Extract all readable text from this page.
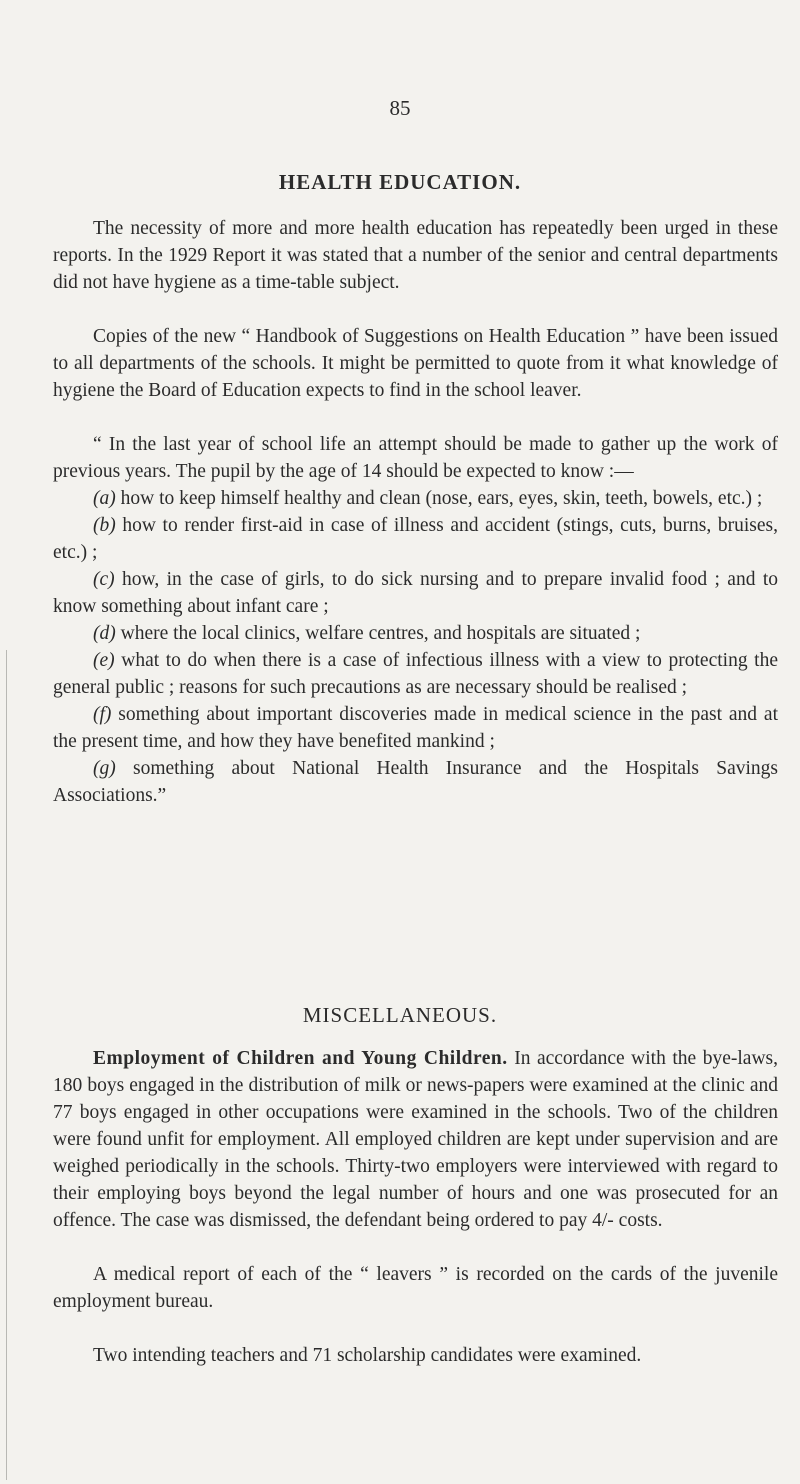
85
HEALTH EDUCATION.

The necessity of more and more health education has repeatedly been urged in these reports. In the 1929 Report it was stated that a number of the senior and central departments did not have hygiene as a time-table subject.

Copies of the new “ Handbook of Suggestions on Health Education ” have been issued to all departments of the schools. It might be permitted to quote from it what knowledge of hygiene the Board of Education expects to find in the school leaver.

“ In the last year of school life an attempt should be made to gather up the work of previous years. The pupil by the age of 14 should be expected to know :—

(a) how to keep himself healthy and clean (nose, ears, eyes, skin, teeth, bowels, etc.) ;

(b) how to render first-aid in case of illness and accident (stings, cuts, burns, bruises, etc.) ;

(c) how, in the case of girls, to do sick nursing and to prepare invalid food ; and to know something about infant care ;

(d) where the local clinics, welfare centres, and hospitals are situated ;

(e) what to do when there is a case of infectious illness with a view to protecting the general public ; reasons for such precautions as are necessary should be realised ;

(f) something about important discoveries made in medical science in the past and at the present time, and how they have benefited mankind ;

(g) something about National Health Insurance and the Hospitals Savings Associations.”

MISCELLANEOUS.

Employment of Children and Young Children. In accordance with the bye-laws, 180 boys engaged in the distribution of milk or news-papers were examined at the clinic and 77 boys engaged in other occupations were examined in the schools. Two of the children were found unfit for employment. All employed children are kept under supervision and are weighed periodically in the schools. Thirty-two employers were interviewed with regard to their employing boys beyond the legal number of hours and one was prosecuted for an offence. The case was dismissed, the defendant being ordered to pay 4/- costs.

A medical report of each of the “ leavers ” is recorded on the cards of the juvenile employment bureau.

Two intending teachers and 71 scholarship candidates were examined.
